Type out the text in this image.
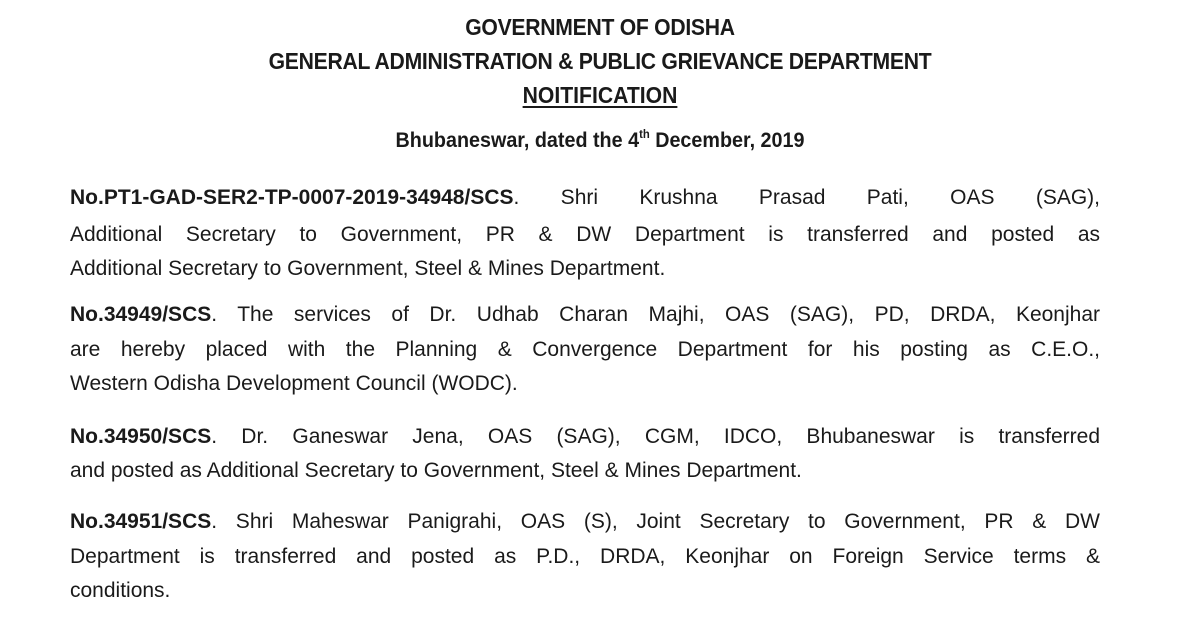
GOVERNMENT OF ODISHA
GENERAL ADMINISTRATION & PUBLIC GRIEVANCE DEPARTMENT
NOITIFICATION
Bhubaneswar, dated the 4th December, 2019
No.PT1-GAD-SER2-TP-0007-2019-34948/SCS. Shri Krushna Prasad Pati, OAS (SAG),
Additional Secretary to Government, PR & DW Department is transferred and posted as
Additional Secretary to Government, Steel & Mines Department.
No.34949/SCS. The services of Dr. Udhab Charan Majhi, OAS (SAG), PD, DRDA, Keonjhar
are hereby placed with the Planning & Convergence Department for his posting as C.E.O.,
Western Odisha Development Council (WODC).
No.34950/SCS. Dr. Ganeswar Jena, OAS (SAG), CGM, IDCO, Bhubaneswar is transferred
and posted as Additional Secretary to Government, Steel & Mines Department.
No.34951/SCS. Shri Maheswar Panigrahi, OAS (S), Joint Secretary to Government, PR & DW
Department is transferred and posted as P.D., DRDA, Keonjhar on Foreign Service terms &
conditions.
